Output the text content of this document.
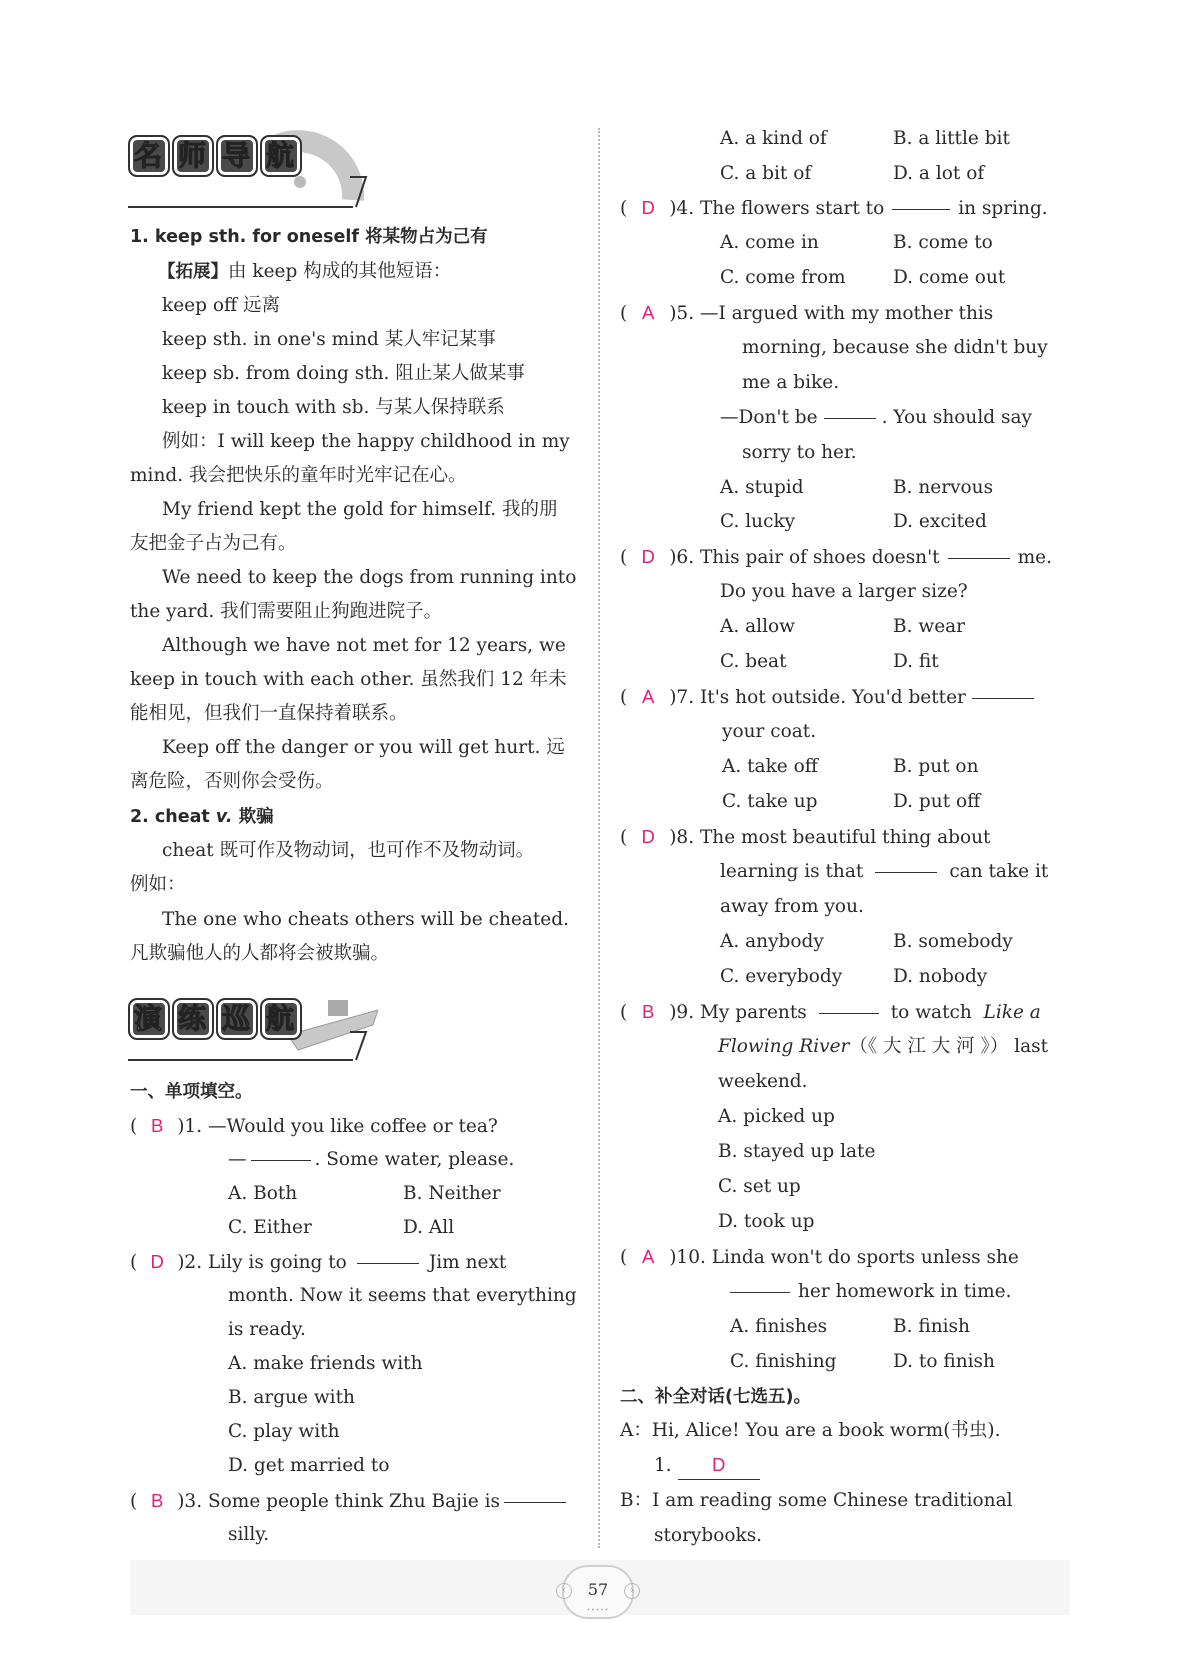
名 师 导 航
1. keep sth. for oneself 将某物占为己有
【拓展】由 keep 构成的其他短语：
keep off 远离
keep sth. in one's mind 某人牢记某事
keep sb. from doing sth. 阻止某人做某事
keep in touch with sb. 与某人保持联系
例如：I will keep the happy childhood in my
mind. 我会把快乐的童年时光牢记在心。
My friend kept the gold for himself. 我的朋
友把金子占为己有。
We need to keep the dogs from running into
the yard. 我们需要阻止狗跑进院子。
Although we have not met for 12 years, we
keep in touch with each other. 虽然我们 12 年未
能相见，但我们一直保持着联系。
Keep off the danger or you will get hurt. 远
离危险，否则你会受伤。
2. cheat v. 欺骗
cheat 既可作及物动词，也可作不及物动词。
例如：
The one who cheats others will be cheated.
凡欺骗他人的人都将会被欺骗。
一、单项填空。
( B )1. —Would you like coffee or tea?
—	. Some water, please.
A. Both	B. Neither
C. Either	D. All
( D )2. Lily is going to	Jim next
month. Now it seems that everything
is ready.
A. make friends with
B. argue with
C. play with
D. get married to
( B )3. Some people think Zhu Bajie is
silly.
演 练 巡 航
A. a kind of	B. a little bit
C. a bit of	D. a lot of
( D )4. The flowers start to	in spring.
A. come in	B. come to
C. come from	D. come out
( A )5. —I argued with my mother this
morning, because she didn't buy
me a bike.
—Don't be	. You should say
sorry to her.
A. stupid	B. nervous
C. lucky	D. excited
( D )6. This pair of shoes doesn't	me.
Do you have a larger size?
A. allow	B. wear
C. beat	D. fit
( A )7. It's hot outside. You'd better
your coat.
A. take off	B. put on
C. take up	D. put off
( D )8. The most beautiful thing about
learning is that	can take it
away from you.
A. anybody	B. somebody
C. everybody	D. nobody
( B )9. My parents	to watch Like a
Flowing River（《 大 江 大 河 》） last
weekend.
A. picked up
B. stayed up late
C. set up
D. took up
( A )10. Linda won't do sports unless she
her homework in time.
A. finishes	B. finish
C. finishing	D. to finish
二、补全对话(七选五)。
A：Hi, Alice! You are a book worm(书虫).
1. D
B：I am reading some Chinese traditional
storybooks.
‹	57	›
•••••
